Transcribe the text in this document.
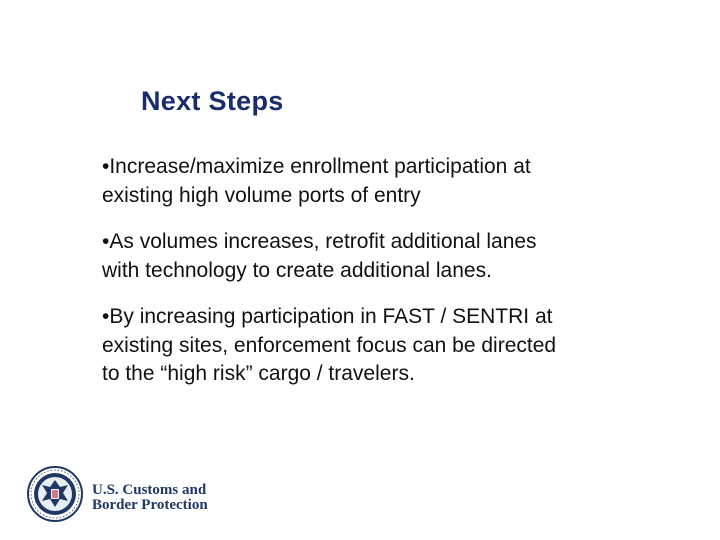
Next Steps
•Increase/maximize enrollment participation at existing high volume ports of entry
•As volumes increases, retrofit additional lanes with technology to create additional lanes.
•By increasing participation in FAST / SENTRI at existing sites, enforcement focus can be directed to the “high risk” cargo / travelers.
U.S. Customs and
Border Protection
